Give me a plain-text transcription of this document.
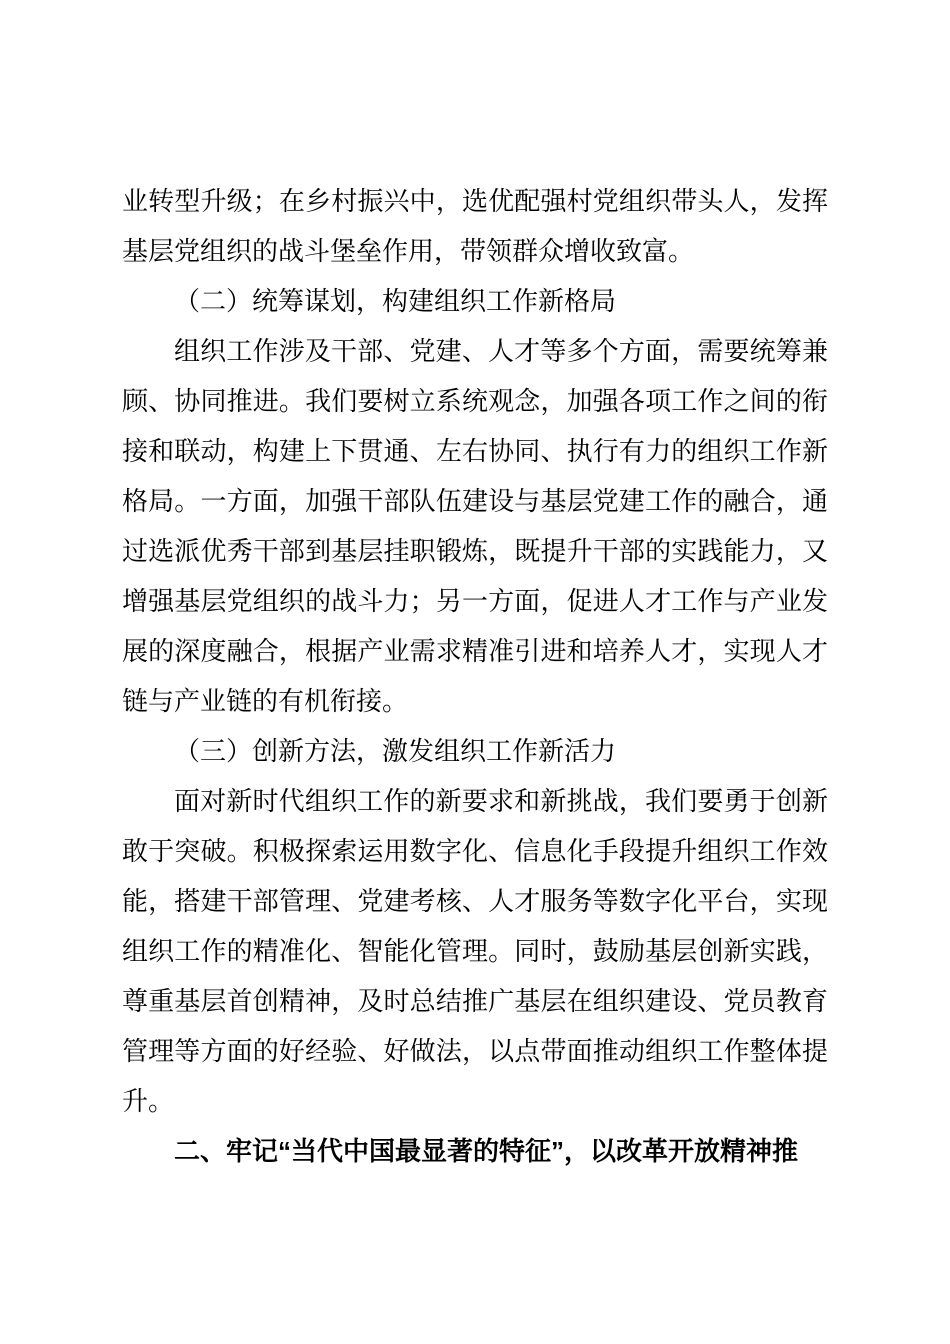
业转型升级；在乡村振兴中，选优配强村党组织带头人，发挥基层党组织的战斗堡垒作用，带领群众增收致富。

（二）统筹谋划，构建组织工作新格局

组织工作涉及干部、党建、人才等多个方面，需要统筹兼顾、协同推进。我们要树立系统观念，加强各项工作之间的衔接和联动，构建上下贯通、左右协同、执行有力的组织工作新格局。一方面，加强干部队伍建设与基层党建工作的融合，通过选派优秀干部到基层挂职锻炼，既提升干部的实践能力，又增强基层党组织的战斗力；另一方面，促进人才工作与产业发展的深度融合，根据产业需求精准引进和培养人才，实现人才链与产业链的有机衔接。

（三）创新方法，激发组织工作新活力

面对新时代组织工作的新要求和新挑战，我们要勇于创新敢于突破。积极探索运用数字化、信息化手段提升组织工作效能，搭建干部管理、党建考核、人才服务等数字化平台，实现组织工作的精准化、智能化管理。同时，鼓励基层创新实践，尊重基层首创精神，及时总结推广基层在组织建设、党员教育管理等方面的好经验、好做法，以点带面推动组织工作整体提升。

二、牢记“当代中国最显著的特征”，以改革开放精神推
